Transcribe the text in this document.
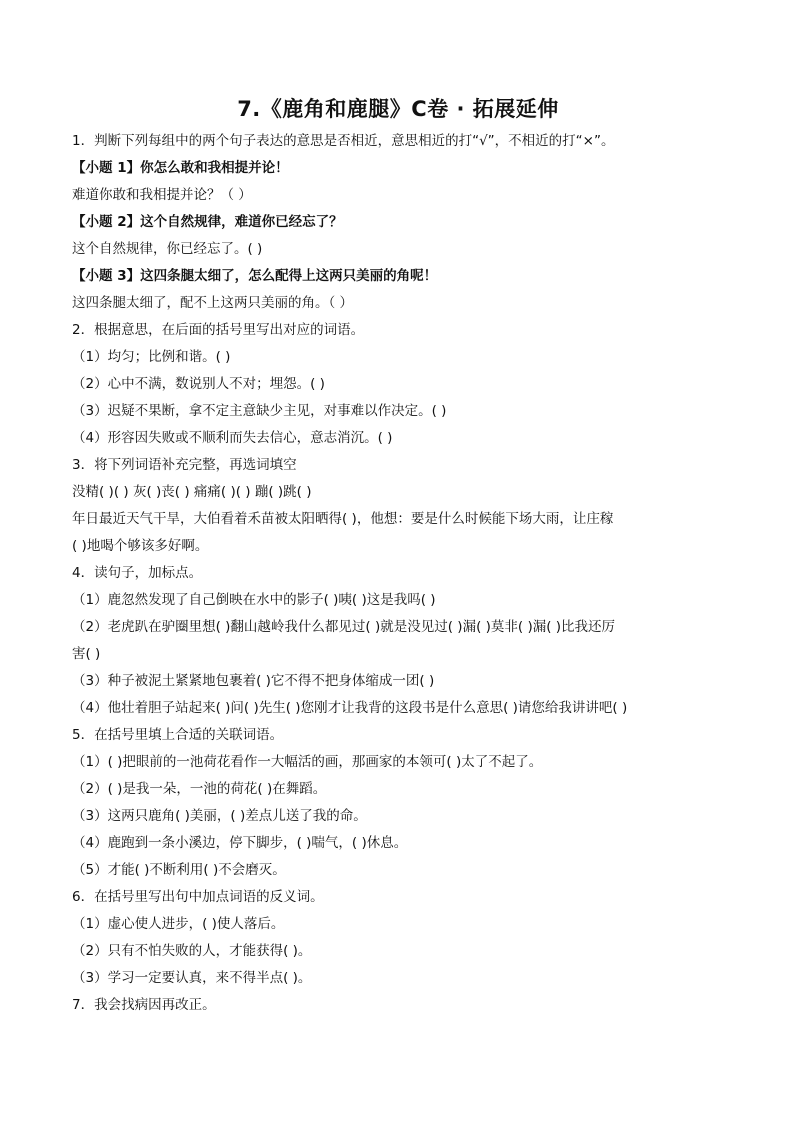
7.《鹿角和鹿腿》C卷 · 拓展延伸
1．判断下列每组中的两个句子表达的意思是否相近，意思相近的打“√”，不相近的打“×”。
【小题 1】你怎么敢和我相提并论！
难道你敢和我相提并论？（ ）
【小题 2】这个自然规律，难道你已经忘了？
这个自然规律，你已经忘了。( )
【小题 3】这四条腿太细了，怎么配得上这两只美丽的角呢！
这四条腿太细了，配不上这两只美丽的角。（ ）
2．根据意思，在后面的括号里写出对应的词语。
（1）均匀；比例和谐。( )
（2）心中不满，数说别人不对；埋怨。( )
（3）迟疑不果断，拿不定主意缺少主见，对事难以作决定。( )
（4）形容因失败或不顺利而失去信心，意志消沉。( )
3．将下列词语补充完整，再选词填空
没精( )( ) 灰( )丧( ) 痛痛( )( ) 蹦( )跳( )
年日最近天气干旱，大伯看着禾苗被太阳晒得( )，他想：要是什么时候能下场大雨，让庄稼
( )地喝个够该多好啊。
4．读句子，加标点。
（1）鹿忽然发现了自己倒映在水中的影子( )咦( )这是我吗( )
（2）老虎趴在驴圈里想( )翻山越岭我什么都见过( )就是没见过( )漏( )莫非( )漏( )比我还厉
害( )
（3）种子被泥土紧紧地包裹着( )它不得不把身体缩成一团( )
（4）他壮着胆子站起来( )问( )先生( )您刚才让我背的这段书是什么意思( )请您给我讲讲吧( )
5．在括号里填上合适的关联词语。
（1）( )把眼前的一池荷花看作一大幅活的画，那画家的本领可( )太了不起了。
（2）( )是我一朵，一池的荷花( )在舞蹈。
（3）这两只鹿角( )美丽，( )差点儿送了我的命。
（4）鹿跑到一条小溪边，停下脚步，( )喘气，( )休息。
（5）才能( )不断利用( )不会磨灭。
6．在括号里写出句中加点词语的反义词。
（1）虚心使人进步，( )使人落后。
（2）只有不怕失败的人，才能获得( )。
（3）学习一定要认真，来不得半点( )。
7．我会找病因再改正。
